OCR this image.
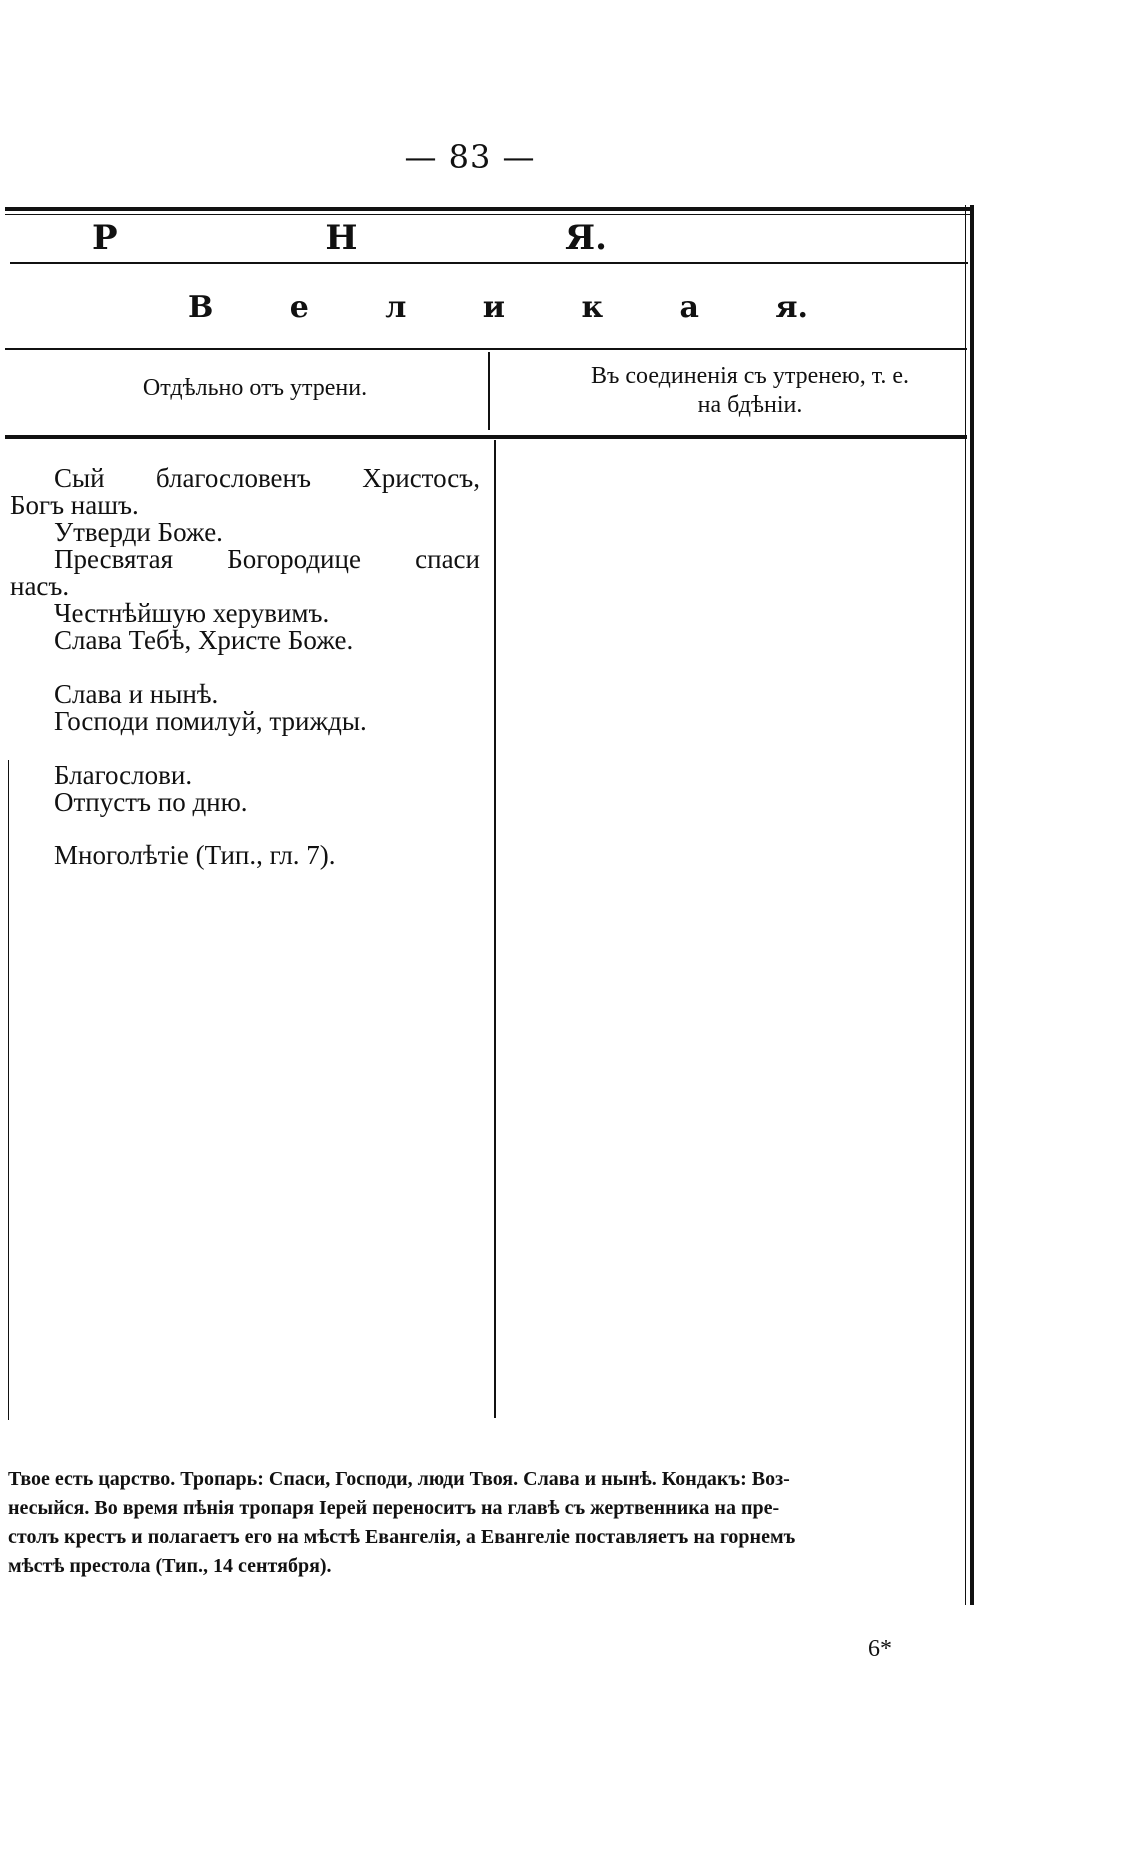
— 83 —
Р	Н	Я.
В	е	л	и	к	а	я.
Отдѣльно отъ утрени.	Въ соединенія съ утренею, т. е.
на бдѣніи.
Сый благословенъ Христосъ,
Богъ нашъ.
Утверди Боже.
Пресвятая Богородице спаси
насъ.
Честнѣйшую херувимъ.
Слава Тебѣ, Христе Боже.
Слава и нынѣ.
Господи помилуй, трижды.
Благослови.
Отпустъ по дню.
Многолѣтіе (Тип., гл. 7).
Твое есть царство. Тропарь: Спаси, Господи, люди Твоя. Слава и нынѣ. Кондакъ: Воз-
несыйся. Во время пѣнія тропаря Іерей переноситъ на главѣ съ жертвенника на пре-
столъ крестъ и полагаетъ его на мѣстѣ Евангелія, а Евангеліе поставляетъ на горнемъ
мѣстѣ престола (Тип., 14 сентября).
6*
